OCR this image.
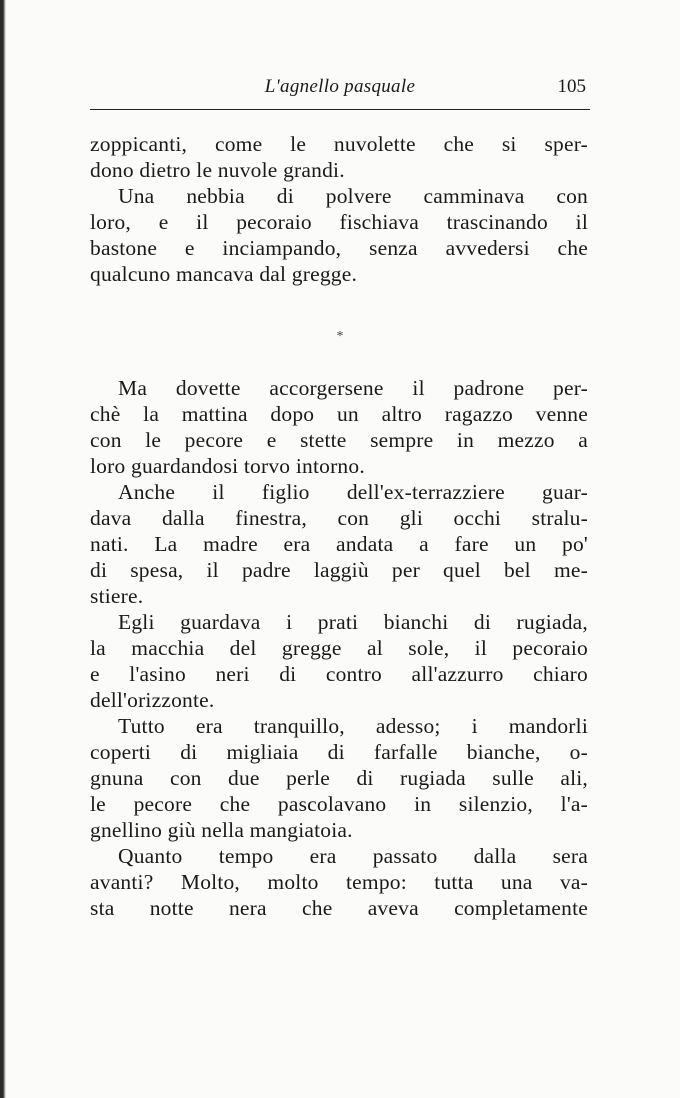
L'agnello pasquale	105
zoppicanti, come le nuvolette che si sper-
dono dietro le nuvole grandi.
Una nebbia di polvere camminava con
loro, e il pecoraio fischiava trascinando il
bastone e inciampando, senza avvedersi che
qualcuno mancava dal gregge.
*
Ma dovette accorgersene il padrone per-
chè la mattina dopo un altro ragazzo venne
con le pecore e stette sempre in mezzo a
loro guardandosi torvo intorno.
Anche il figlio dell'ex-terrazziere guar-
dava dalla finestra, con gli occhi stralu-
nati. La madre era andata a fare un po'
di spesa, il padre laggiù per quel bel me-
stiere.
Egli guardava i prati bianchi di rugiada,
la macchia del gregge al sole, il pecoraio
e l'asino neri di contro all'azzurro chiaro
dell'orizzonte.
Tutto era tranquillo, adesso; i mandorli
coperti di migliaia di farfalle bianche, o-
gnuna con due perle di rugiada sulle ali,
le pecore che pascolavano in silenzio, l'a-
gnellino giù nella mangiatoia.
Quanto tempo era passato dalla sera
avanti? Molto, molto tempo: tutta una va-
sta notte nera che aveva completamente
